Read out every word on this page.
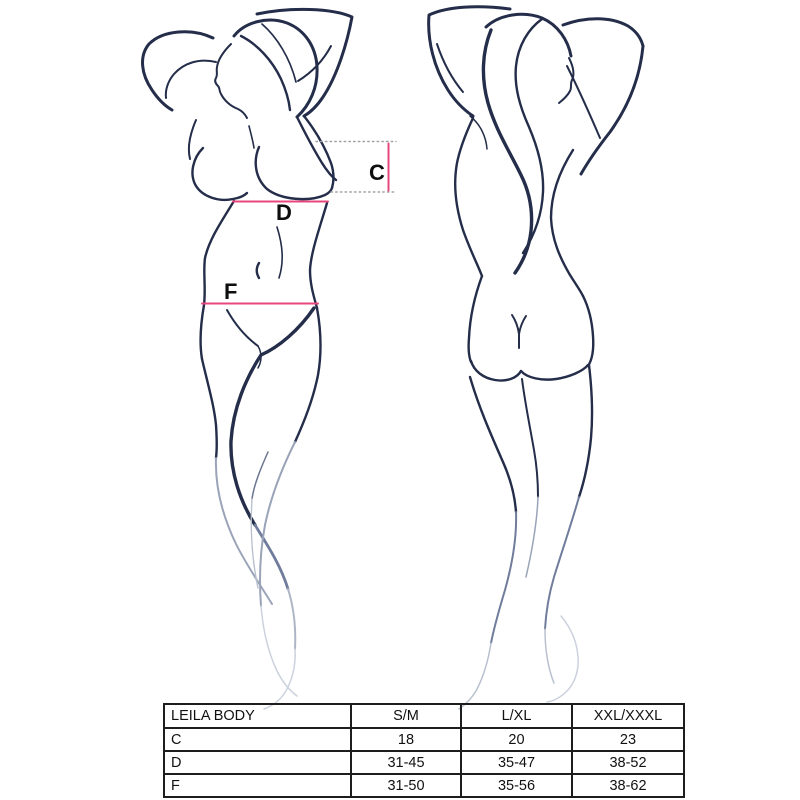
C
D
F
LEILA BODY	S/M	L/XL	XXL/XXXL
C	18	20	23
D	31-45	35-47	38-52
F	31-50	35-56	38-62
